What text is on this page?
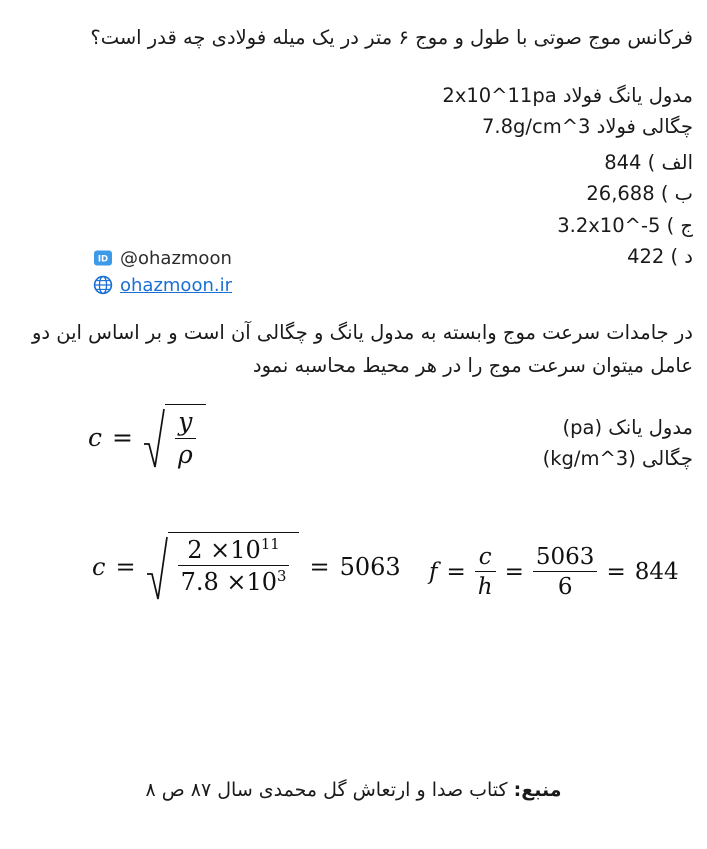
فرکانس موج صوتی با طول و موج ۶ متر در یک میله فولادی چه قدر است؟
ID @ohazmoon
ohazmoon.ir
مدول یانگ فولاد 2x10^11pa
چگالی فولاد 7.8g/cm^3
الف ) 844
ب ) 26,688
ج ) 3.2x10^-5
د ) 422
در جامدات سرعت موج وابسته به مدول یانگ و چگالی آن است و بر اساس این دو عامل میتوان سرعت موج را در هر محیط محاسبه نمود
مدول یانک (pa)
چگالی (kg/m^3)
$c = \frac{y}{\rho}$
$c = \frac{2 \times 10^{11}}{7.8 \times 10^3} = 5063$ $f = \frac{c}{h} = \frac{5063}{6} = 844$
منبع: کتاب صدا و ارتعاش گل محمدی سال ۸۷ ص ۸
